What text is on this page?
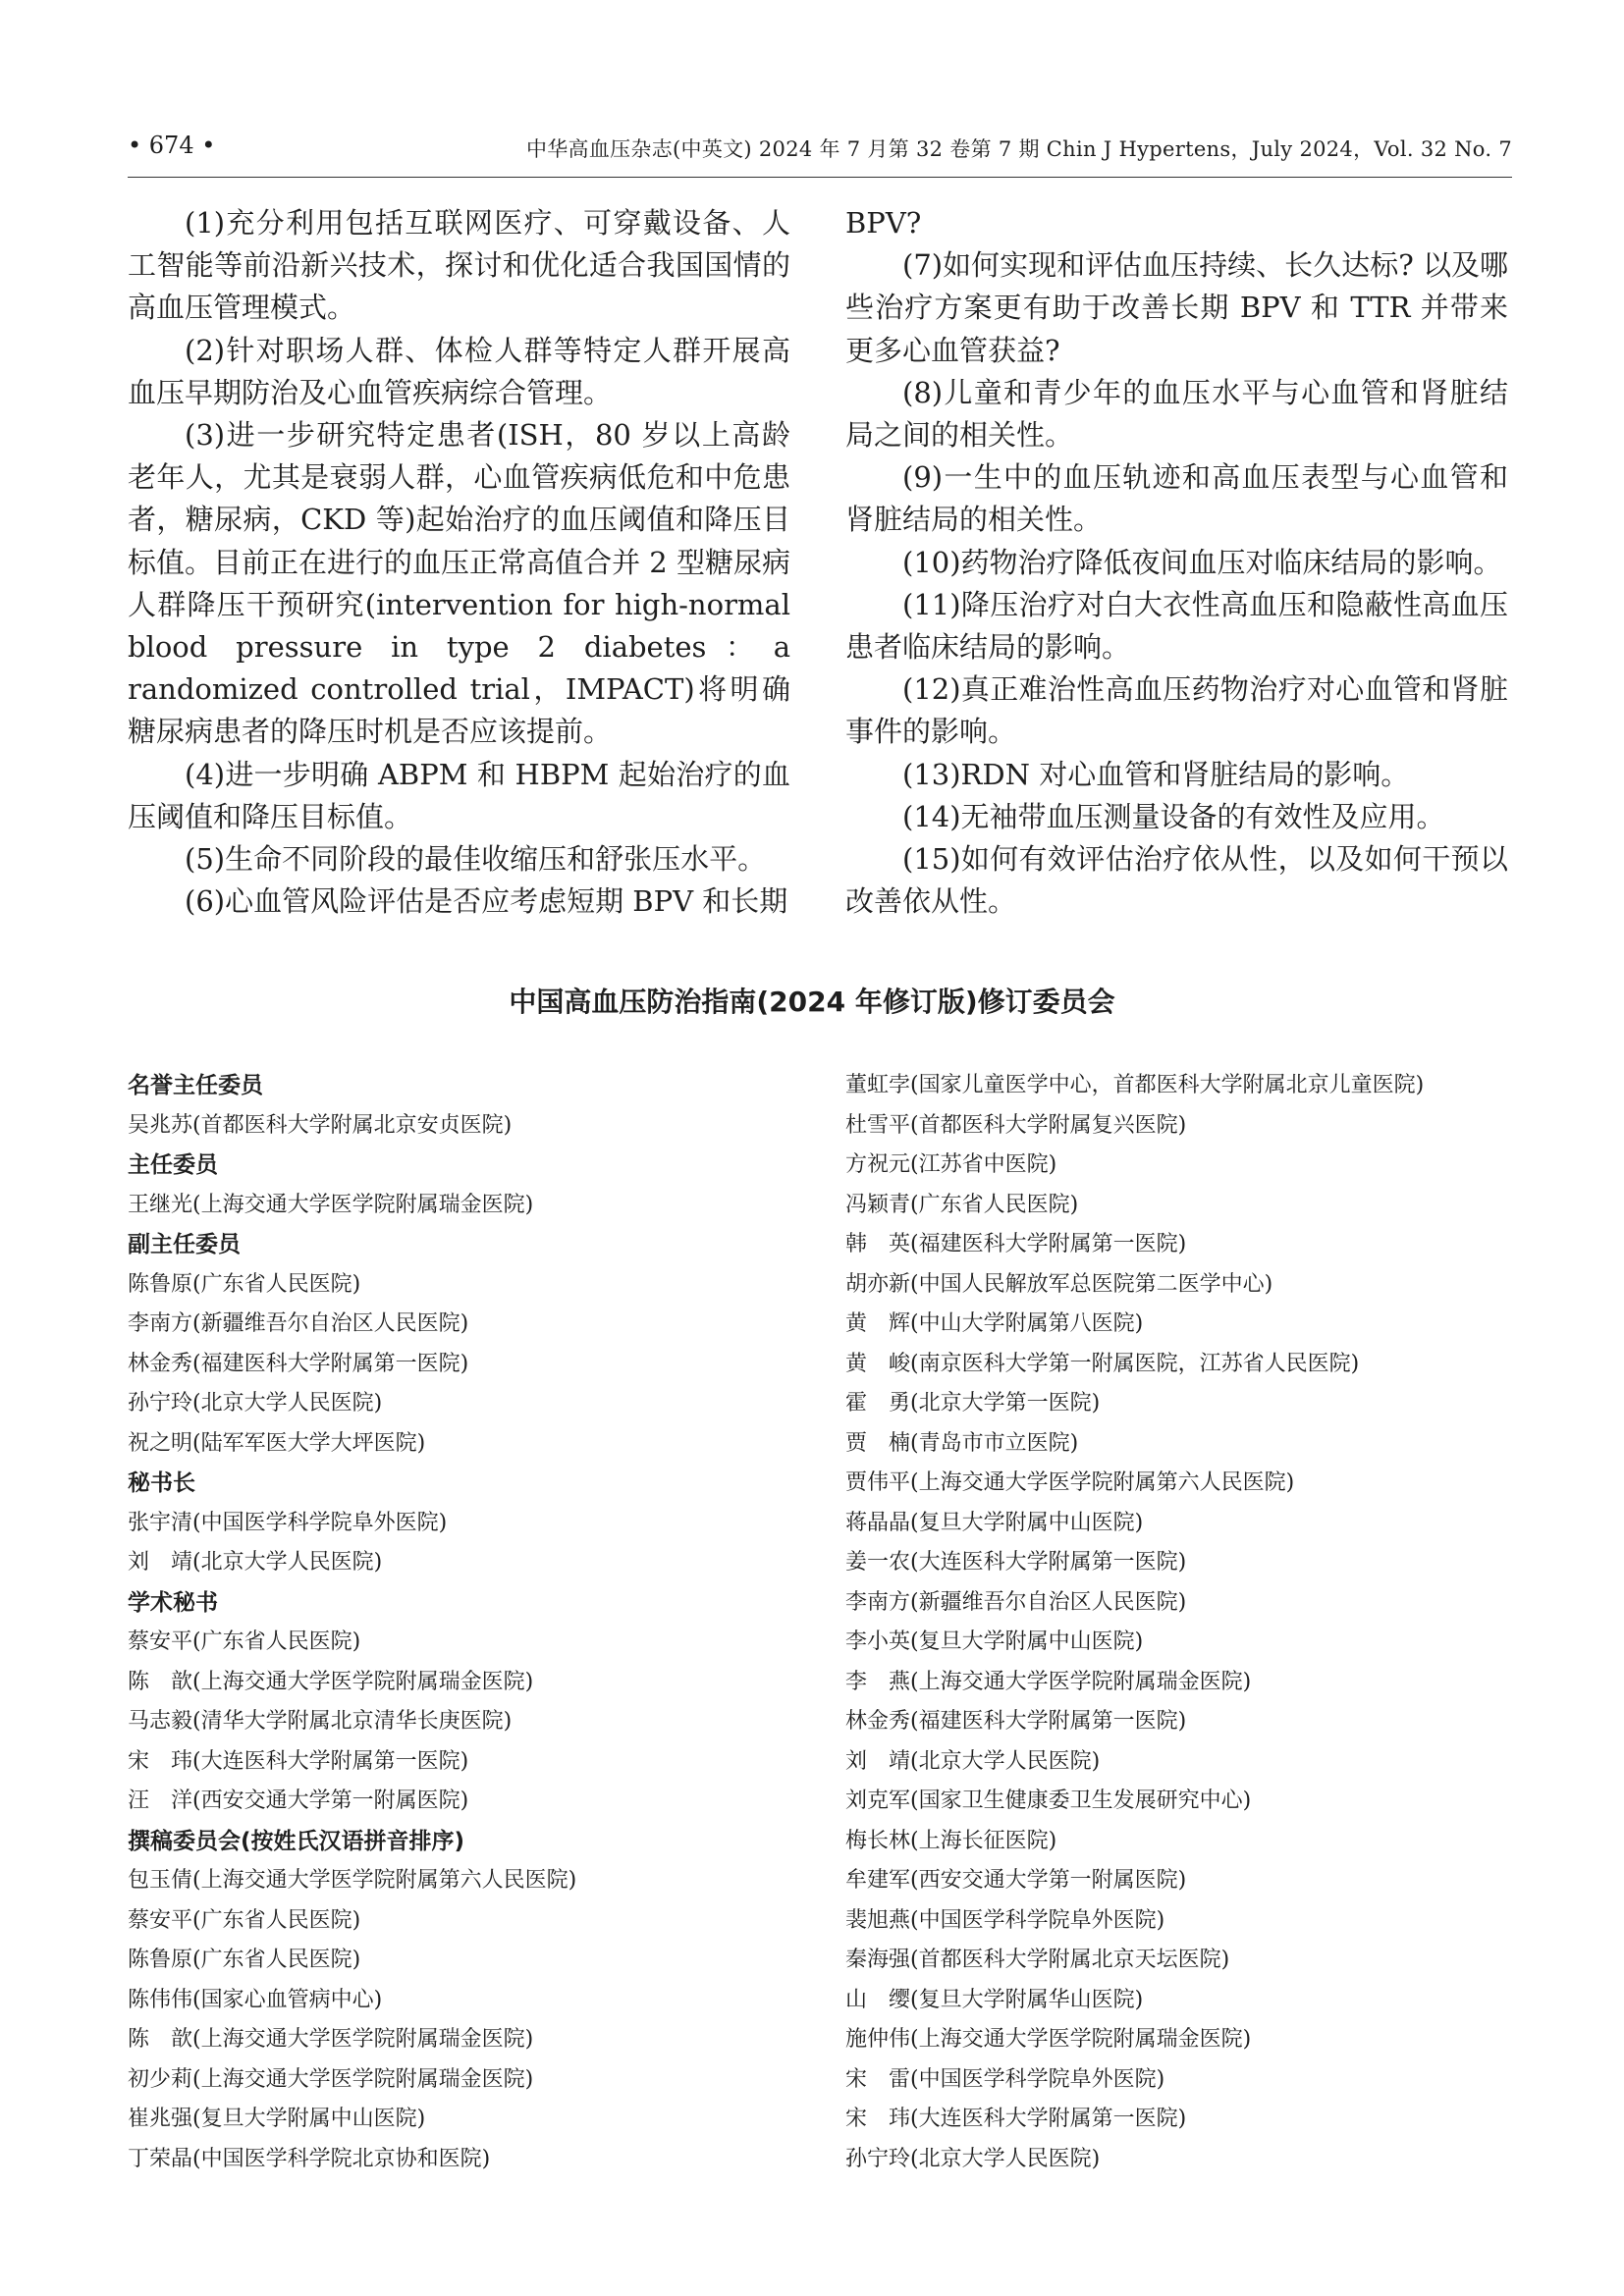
• 674 •	中华高血压杂志(中英文) 2024 年 7 月第 32 卷第 7 期 Chin J Hypertens，July 2024，Vol. 32 No. 7

(1)充分利用包括互联网医疗、可穿戴设备、人工智能等前沿新兴技术，探讨和优化适合我国国情的高血压管理模式。

(2)针对职场人群、体检人群等特定人群开展高血压早期防治及心血管疾病综合管理。

(3)进一步研究特定患者(ISH，80 岁以上高龄老年人，尤其是衰弱人群，心血管疾病低危和中危患者，糖尿病，CKD 等)起始治疗的血压阈值和降压目标值。目前正在进行的血压正常高值合并 2 型糖尿病人群降压干预研究(intervention for high-normal blood pressure in type 2 diabetes：a randomized controlled trial，IMPACT)将明确糖尿病患者的降压时机是否应该提前。

(4)进一步明确 ABPM 和 HBPM 起始治疗的血压阈值和降压目标值。

(5)生命不同阶段的最佳收缩压和舒张压水平。

(6)心血管风险评估是否应考虑短期 BPV 和长期

BPV?

(7)如何实现和评估血压持续、长久达标? 以及哪些治疗方案更有助于改善长期 BPV 和 TTR 并带来更多心血管获益?

(8)儿童和青少年的血压水平与心血管和肾脏结局之间的相关性。

(9)一生中的血压轨迹和高血压表型与心血管和肾脏结局的相关性。

(10)药物治疗降低夜间血压对临床结局的影响。

(11)降压治疗对白大衣性高血压和隐蔽性高血压患者临床结局的影响。

(12)真正难治性高血压药物治疗对心血管和肾脏事件的影响。

(13)RDN 对心血管和肾脏结局的影响。

(14)无袖带血压测量设备的有效性及应用。

(15)如何有效评估治疗依从性，以及如何干预以改善依从性。

中国高血压防治指南(2024 年修订版)修订委员会
名誉主任委员
吴兆苏(首都医科大学附属北京安贞医院)
主任委员
王继光(上海交通大学医学院附属瑞金医院)
副主任委员
陈鲁原(广东省人民医院)
李南方(新疆维吾尔自治区人民医院)
林金秀(福建医科大学附属第一医院)
孙宁玲(北京大学人民医院)
祝之明(陆军军医大学大坪医院)
秘书长
张宇清(中国医学科学院阜外医院)
刘　靖(北京大学人民医院)
学术秘书
蔡安平(广东省人民医院)
陈　歆(上海交通大学医学院附属瑞金医院)
马志毅(清华大学附属北京清华长庚医院)
宋　玮(大连医科大学附属第一医院)
汪　洋(西安交通大学第一附属医院)
撰稿委员会(按姓氏汉语拼音排序)
包玉倩(上海交通大学医学院附属第六人民医院)
蔡安平(广东省人民医院)
陈鲁原(广东省人民医院)
陈伟伟(国家心血管病中心)
陈　歆(上海交通大学医学院附属瑞金医院)
初少莉(上海交通大学医学院附属瑞金医院)
崔兆强(复旦大学附属中山医院)
丁荣晶(中国医学科学院北京协和医院)
董虹孛(国家儿童医学中心，首都医科大学附属北京儿童医院)
杜雪平(首都医科大学附属复兴医院)
方祝元(江苏省中医院)
冯颖青(广东省人民医院)
韩　英(福建医科大学附属第一医院)
胡亦新(中国人民解放军总医院第二医学中心)
黄　辉(中山大学附属第八医院)
黄　峻(南京医科大学第一附属医院，江苏省人民医院)
霍　勇(北京大学第一医院)
贾　楠(青岛市市立医院)
贾伟平(上海交通大学医学院附属第六人民医院)
蒋晶晶(复旦大学附属中山医院)
姜一农(大连医科大学附属第一医院)
李南方(新疆维吾尔自治区人民医院)
李小英(复旦大学附属中山医院)
李　燕(上海交通大学医学院附属瑞金医院)
林金秀(福建医科大学附属第一医院)
刘　靖(北京大学人民医院)
刘克军(国家卫生健康委卫生发展研究中心)
梅长林(上海长征医院)
牟建军(西安交通大学第一附属医院)
裴旭燕(中国医学科学院阜外医院)
秦海强(首都医科大学附属北京天坛医院)
山　缨(复旦大学附属华山医院)
施仲伟(上海交通大学医学院附属瑞金医院)
宋　雷(中国医学科学院阜外医院)
宋　玮(大连医科大学附属第一医院)
孙宁玲(北京大学人民医院)
